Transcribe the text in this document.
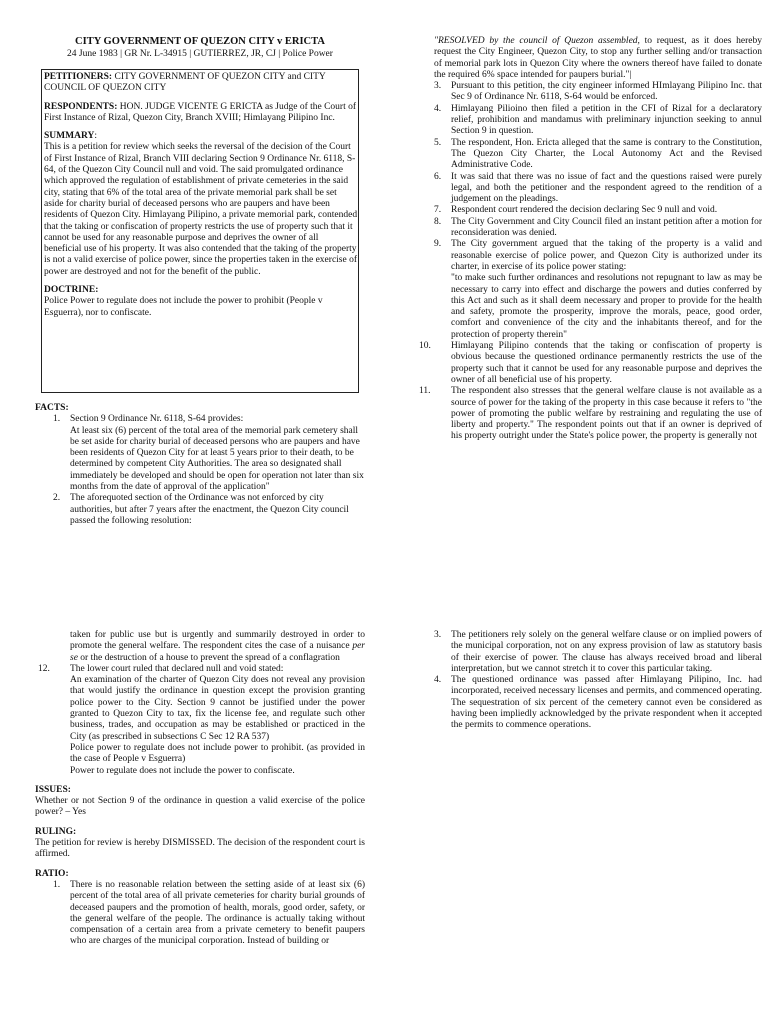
CITY GOVERNMENT OF QUEZON CITY v ERICTA
24 June 1983 | GR Nr. L-34915 | GUTIERREZ, JR, CJ | Police Power

PETITIONERS: CITY GOVERNMENT OF QUEZON CITY and CITY COUNCIL OF QUEZON CITY

RESPONDENTS: HON. JUDGE VICENTE G ERICTA as Judge of the Court of First Instance of Rizal, Quezon City, Branch XVIII; Himlayang Pilipino Inc.

SUMMARY:

This is a petition for review which seeks the reversal of the decision of the Court of First Instance of Rizal, Branch VIII declaring Section 9 Ordinance Nr. 6118, S-64, of the Quezon City Council null and void. The said promulgated ordinance which approved the regulation of establishment of private cemeteries in the said city, stating that 6% of the total area of the private memorial park shall be set aside for charity burial of deceased persons who are paupers and have been residents of Quezon City. Himlayang Pilipino, a private memorial park, contended that the taking or confiscation of property restricts the use of property such that it cannot be used for any reasonable purpose and deprives the owner of all beneficial use of his property. It was also contended that the taking of the property is not a valid exercise of police power, since the properties taken in the exercise of power are destroyed and not for the benefit of the public.

DOCTRINE:

Police Power to regulate does not include the power to prohibit (People v Esguerra), nor to confiscate.

FACTS:

1. Section 9 Ordinance Nr. 6118, S-64 provides:
At least six (6) percent of the total area of the memorial park cemetery shall be set aside for charity burial of deceased persons who are paupers and have been residents of Quezon City for at least 5 years prior to their death, to be determined by competent City Authorities. The area so designated shall immediately be developed and should be open for operation not later than six months from the date of approval of the application"
2. The aforequoted section of the Ordinance was not enforced by city authorities, but after 7 years after the enactment, the Quezon City council passed the following resolution:
"RESOLVED by the council of Quezon assembled, to request, as it does hereby request the City Engineer, Quezon City, to stop any further selling and/or transaction of memorial park lots in Quezon City where the owners thereof have failed to donate the required 6% space intended for paupers burial."|
3. Pursuant to this petition, the city engineer informed HImlayang Pilipino Inc. that Sec 9 of Ordinance Nr. 6118, S-64 would be enforced.
4. Himlayang Pilioino then filed a petition in the CFI of Rizal for a declaratory relief, prohibition and mandamus with preliminary injunction seeking to annul Section 9 in question.
5. The respondent, Hon. Ericta alleged that the same is contrary to the Constitution, The Quezon City Charter, the Local Autonomy Act and the Revised Administrative Code.
6. It was said that there was no issue of fact and the questions raised were purely legal, and both the petitioner and the respondent agreed to the rendition of a judgement on the pleadings.
7. Respondent court rendered the decision declaring Sec 9 null and void.
8. The City Government and City Council filed an instant petition after a motion for reconsideration was denied.
9. The City government argued that the taking of the property is a valid and reasonable exercise of police power, and Quezon City is authorized under its charter, in exercise of its police power stating:
"to make such further ordinances and resolutions not repugnant to law as may be necessary to carry into effect and discharge the powers and duties conferred by this Act and such as it shall deem necessary and proper to provide for the health and safety, promote the prosperity, improve the morals, peace, good order, comfort and convenience of the city and the inhabitants thereof, and for the protection of property therein"
10. Himlayang Pilipino contends that the taking or confiscation of property is obvious because the questioned ordinance permanently restricts the use of the property such that it cannot be used for any reasonable purpose and deprives the owner of all beneficial use of his property.
11. The respondent also stresses that the general welfare clause is not available as a source of power for the taking of the property in this case because it refers to "the power of promoting the public welfare by restraining and regulating the use of liberty and property." The respondent points out that if an owner is deprived of his property outright under the State's police power, the property is generally not
taken for public use but is urgently and summarily destroyed in order to promote the general welfare. The respondent cites the case of a nuisance per se or the destruction of a house to prevent the spread of a conflagration
12. The lower court ruled that declared null and void stated:
An examination of the charter of Quezon City does not reveal any provision that would justify the ordinance in question except the provision granting police power to the City. Section 9 cannot be justified under the power granted to Quezon City to tax, fix the license fee, and regulate such other business, trades, and occupation as may be established or practiced in the City (as prescribed in subsections C Sec 12 RA 537)
Police power to regulate does not include power to prohibit. (as provided in the case of People v Esguerra)
Power to regulate does not include the power to confiscate.

ISSUES:

Whether or not Section 9 of the ordinance in question a valid exercise of the police power? – Yes

RULING:

The petition for review is hereby DISMISSED. The decision of the respondent court is affirmed.

RATIO:

1. There is no reasonable relation between the setting aside of at least six (6) percent of the total area of all private cemeteries for charity burial grounds of deceased paupers and the promotion of health, morals, good order, safety, or the general welfare of the people. The ordinance is actually taking without compensation of a certain area from a private cemetery to benefit paupers who are charges of the municipal corporation. Instead of building or
3. The petitioners rely solely on the general welfare clause or on implied powers of the municipal corporation, not on any express provision of law as statutory basis of their exercise of power. The clause has always received broad and liberal interpretation, but we cannot stretch it to cover this particular taking.
4. The questioned ordinance was passed after Himlayang Pilipino, Inc. had incorporated, received necessary licenses and permits, and commenced operating. The sequestration of six percent of the cemetery cannot even be considered as having been impliedly acknowledged by the private respondent when it accepted the permits to commence operations.
